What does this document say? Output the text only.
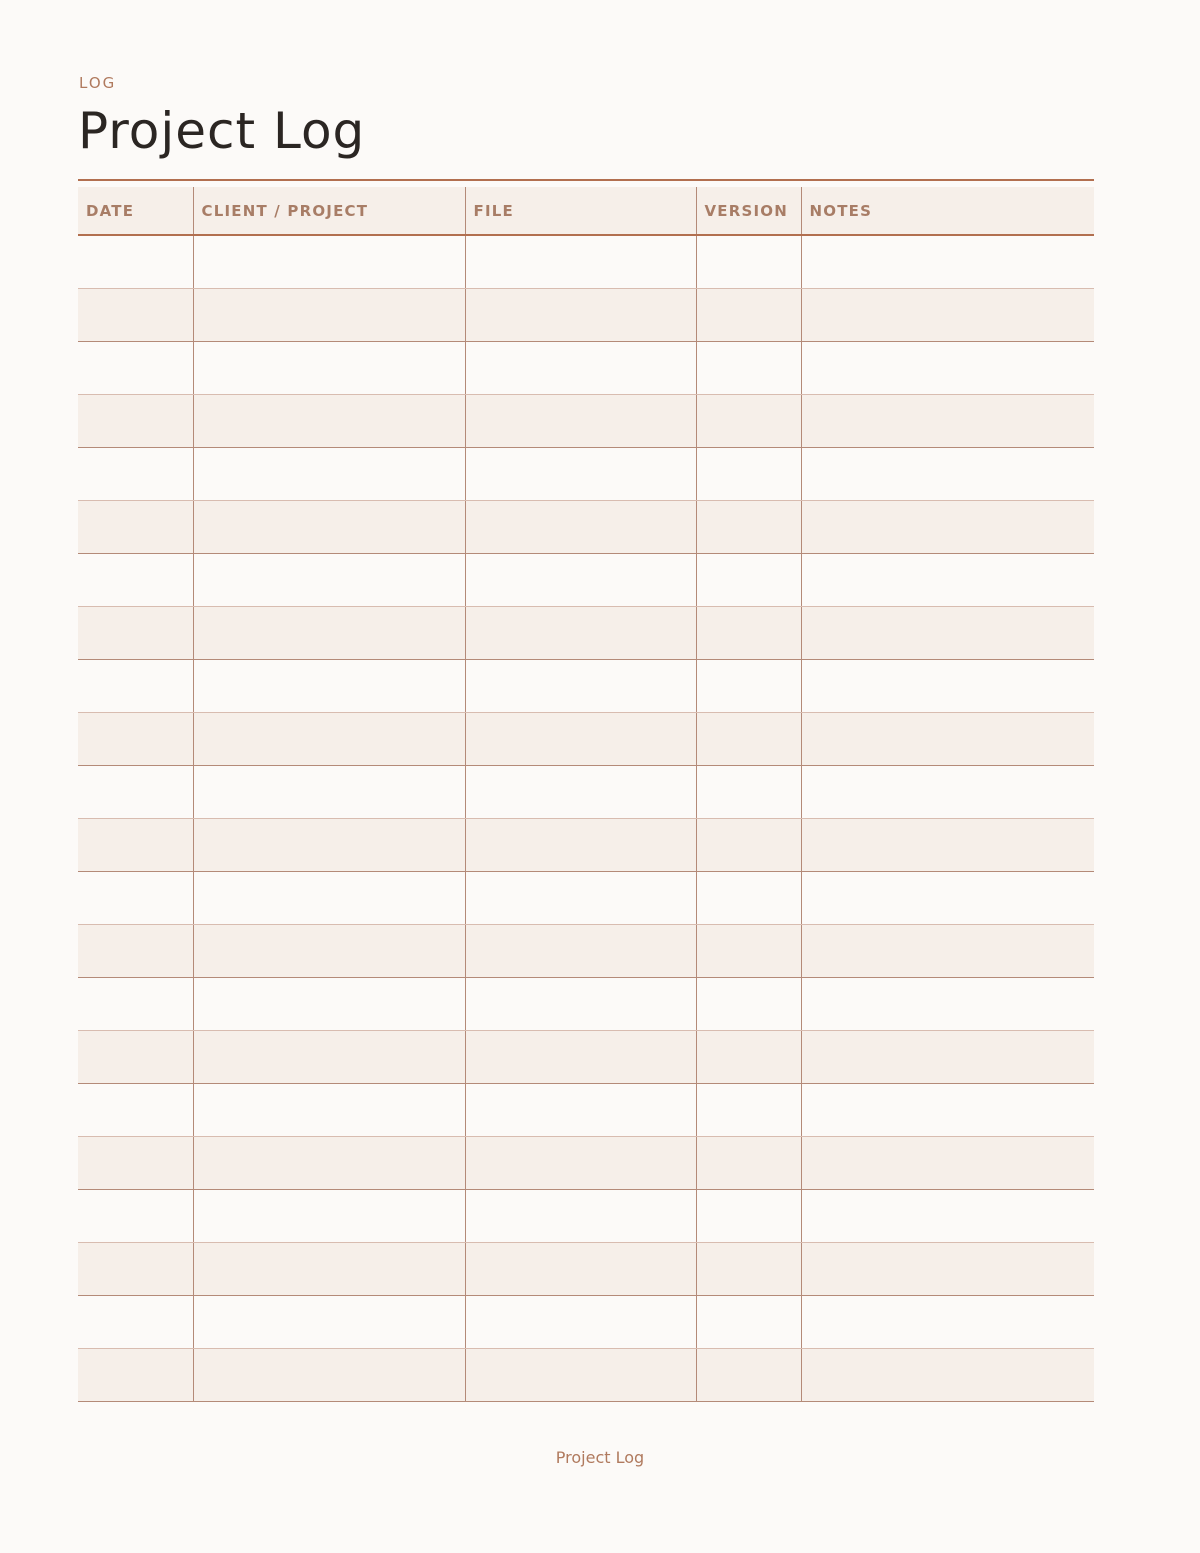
LOG
Project Log
DATE	CLIENT / PROJECT	FILE	VERSION	NOTES

Project Log
